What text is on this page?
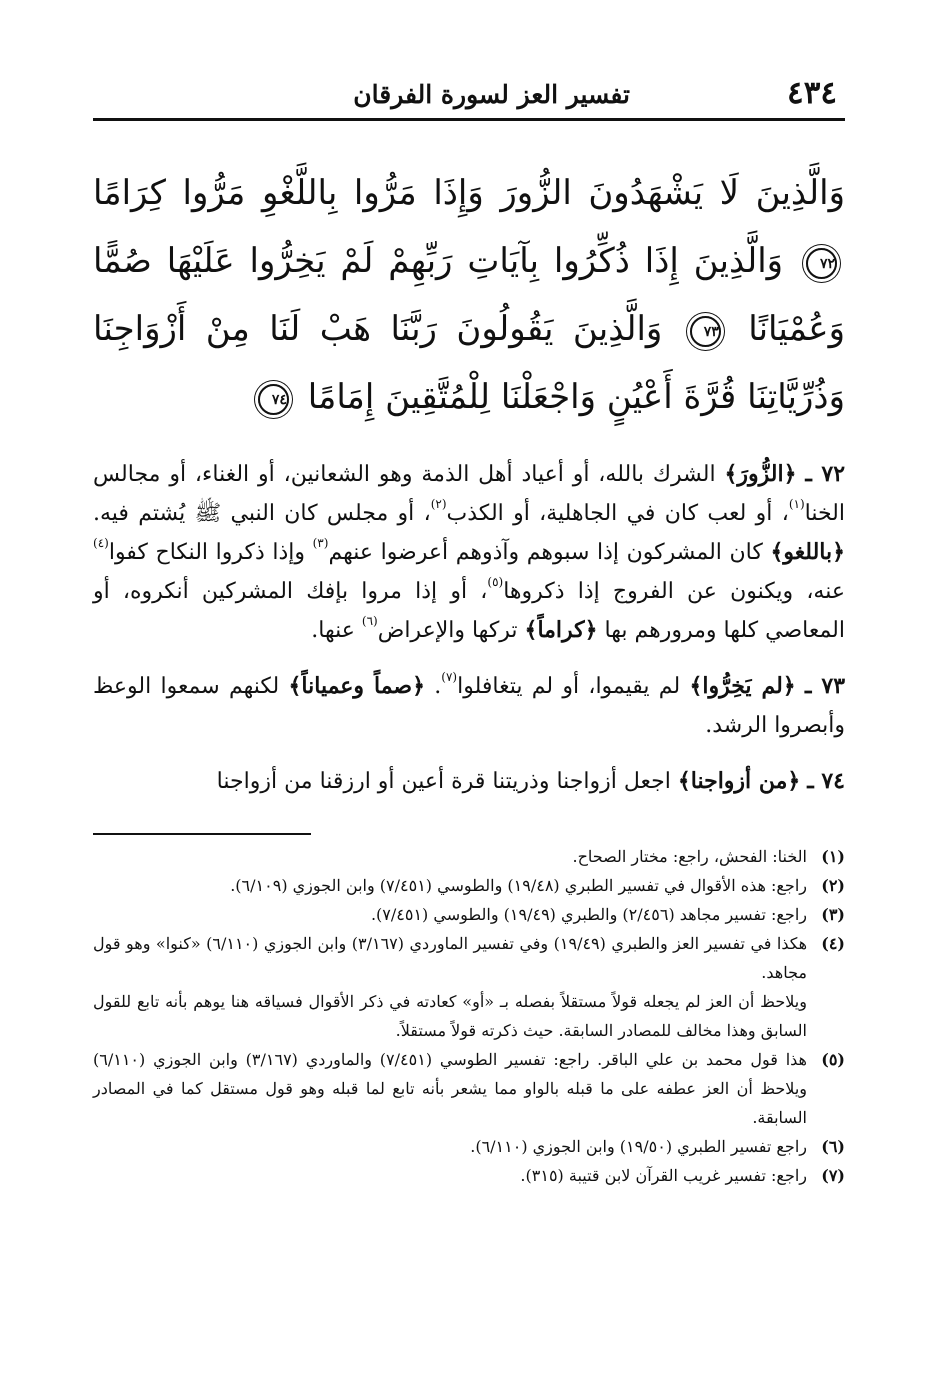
٤٣٤
تفسير العز لسورة الفرقان
وَالَّذِينَ لَا يَشْهَدُونَ الزُّورَ وَإِذَا مَرُّوا بِاللَّغْوِ مَرُّوا كِرَامًا ٧٢ وَالَّذِينَ إِذَا ذُكِّرُوا بِآيَاتِ رَبِّهِمْ لَمْ يَخِرُّوا عَلَيْهَا صُمًّا وَعُمْيَانًا ٧٣ وَالَّذِينَ يَقُولُونَ رَبَّنَا هَبْ لَنَا مِنْ أَزْوَاجِنَا وَذُرِّيَّاتِنَا قُرَّةَ أَعْيُنٍ وَاجْعَلْنَا لِلْمُتَّقِينَ إِمَامًا ٧٤

٧٢ ـ ﴿الزُّورَ﴾ الشرك بالله، أو أعياد أهل الذمة وهو الشعانين، أو الغناء، أو مجالس الخنا$^{(١)}$، أو لعب كان في الجاهلية، أو الكذب$^{(٢)}$، أو مجلس كان النبي ﷺ يُشتم فيه. ﴿باللغو﴾ كان المشركون إذا سبوهم وآذوهم أعرضوا عنهم$^{(٣)}$ وإذا ذكروا النكاح كفوا$^{(٤)}$ عنه، ويكنون عن الفروج إذا ذكروها$^{(٥)}$، أو إذا مروا بإفك المشركين أنكروه، أو المعاصي كلها ومرورهم بها ﴿كراماً﴾ تركها والإعراض$^{(٦)}$ عنها.

٧٣ ـ ﴿لم يَخِرُّوا﴾ لم يقيموا، أو لم يتغافلوا$^{(٧)}$. ﴿صماً وعمياناً﴾ لكنهم سمعوا الوعظ وأبصروا الرشد.

٧٤ ـ ﴿من أزواجنا﴾ اجعل أزواجنا وذريتنا قرة أعين أو ارزقنا من أزواجنا

(١)
الخنا: الفحش، راجع: مختار الصحاح.
(٢)
راجع: هذه الأقوال في تفسير الطبري (١٩/٤٨) والطوسي (٧/٤٥١) وابن الجوزي (٦/١٠٩).
(٣)
راجع: تفسير مجاهد (٢/٤٥٦) والطبري (١٩/٤٩) والطوسي (٧/٤٥١).
(٤)
هكذا في تفسير العز والطبري (١٩/٤٩) وفي تفسير الماوردي (٣/١٦٧) وابن الجوزي (٦/١١٠) «كنوا» وهو قول مجاهد.
ويلاحظ أن العز لم يجعله قولاً مستقلاً بفصله بـ «أو» كعادته في ذكر الأقوال فسياقه هنا يوهم بأنه تابع للقول السابق وهذا مخالف للمصادر السابقة. حيث ذكرته قولاً مستقلاً.
(٥)
هذا قول محمد بن علي الباقر. راجع: تفسير الطوسي (٧/٤٥١) والماوردي (٣/١٦٧) وابن الجوزي (٦/١١٠) ويلاحظ أن العز عطفه على ما قبله بالواو مما يشعر بأنه تابع لما قبله وهو قول مستقل كما في المصادر السابقة.
(٦)
راجع تفسير الطبري (١٩/٥٠) وابن الجوزي (٦/١١٠).
(٧)
راجع: تفسير غريب القرآن لابن قتيبة (٣١٥).
